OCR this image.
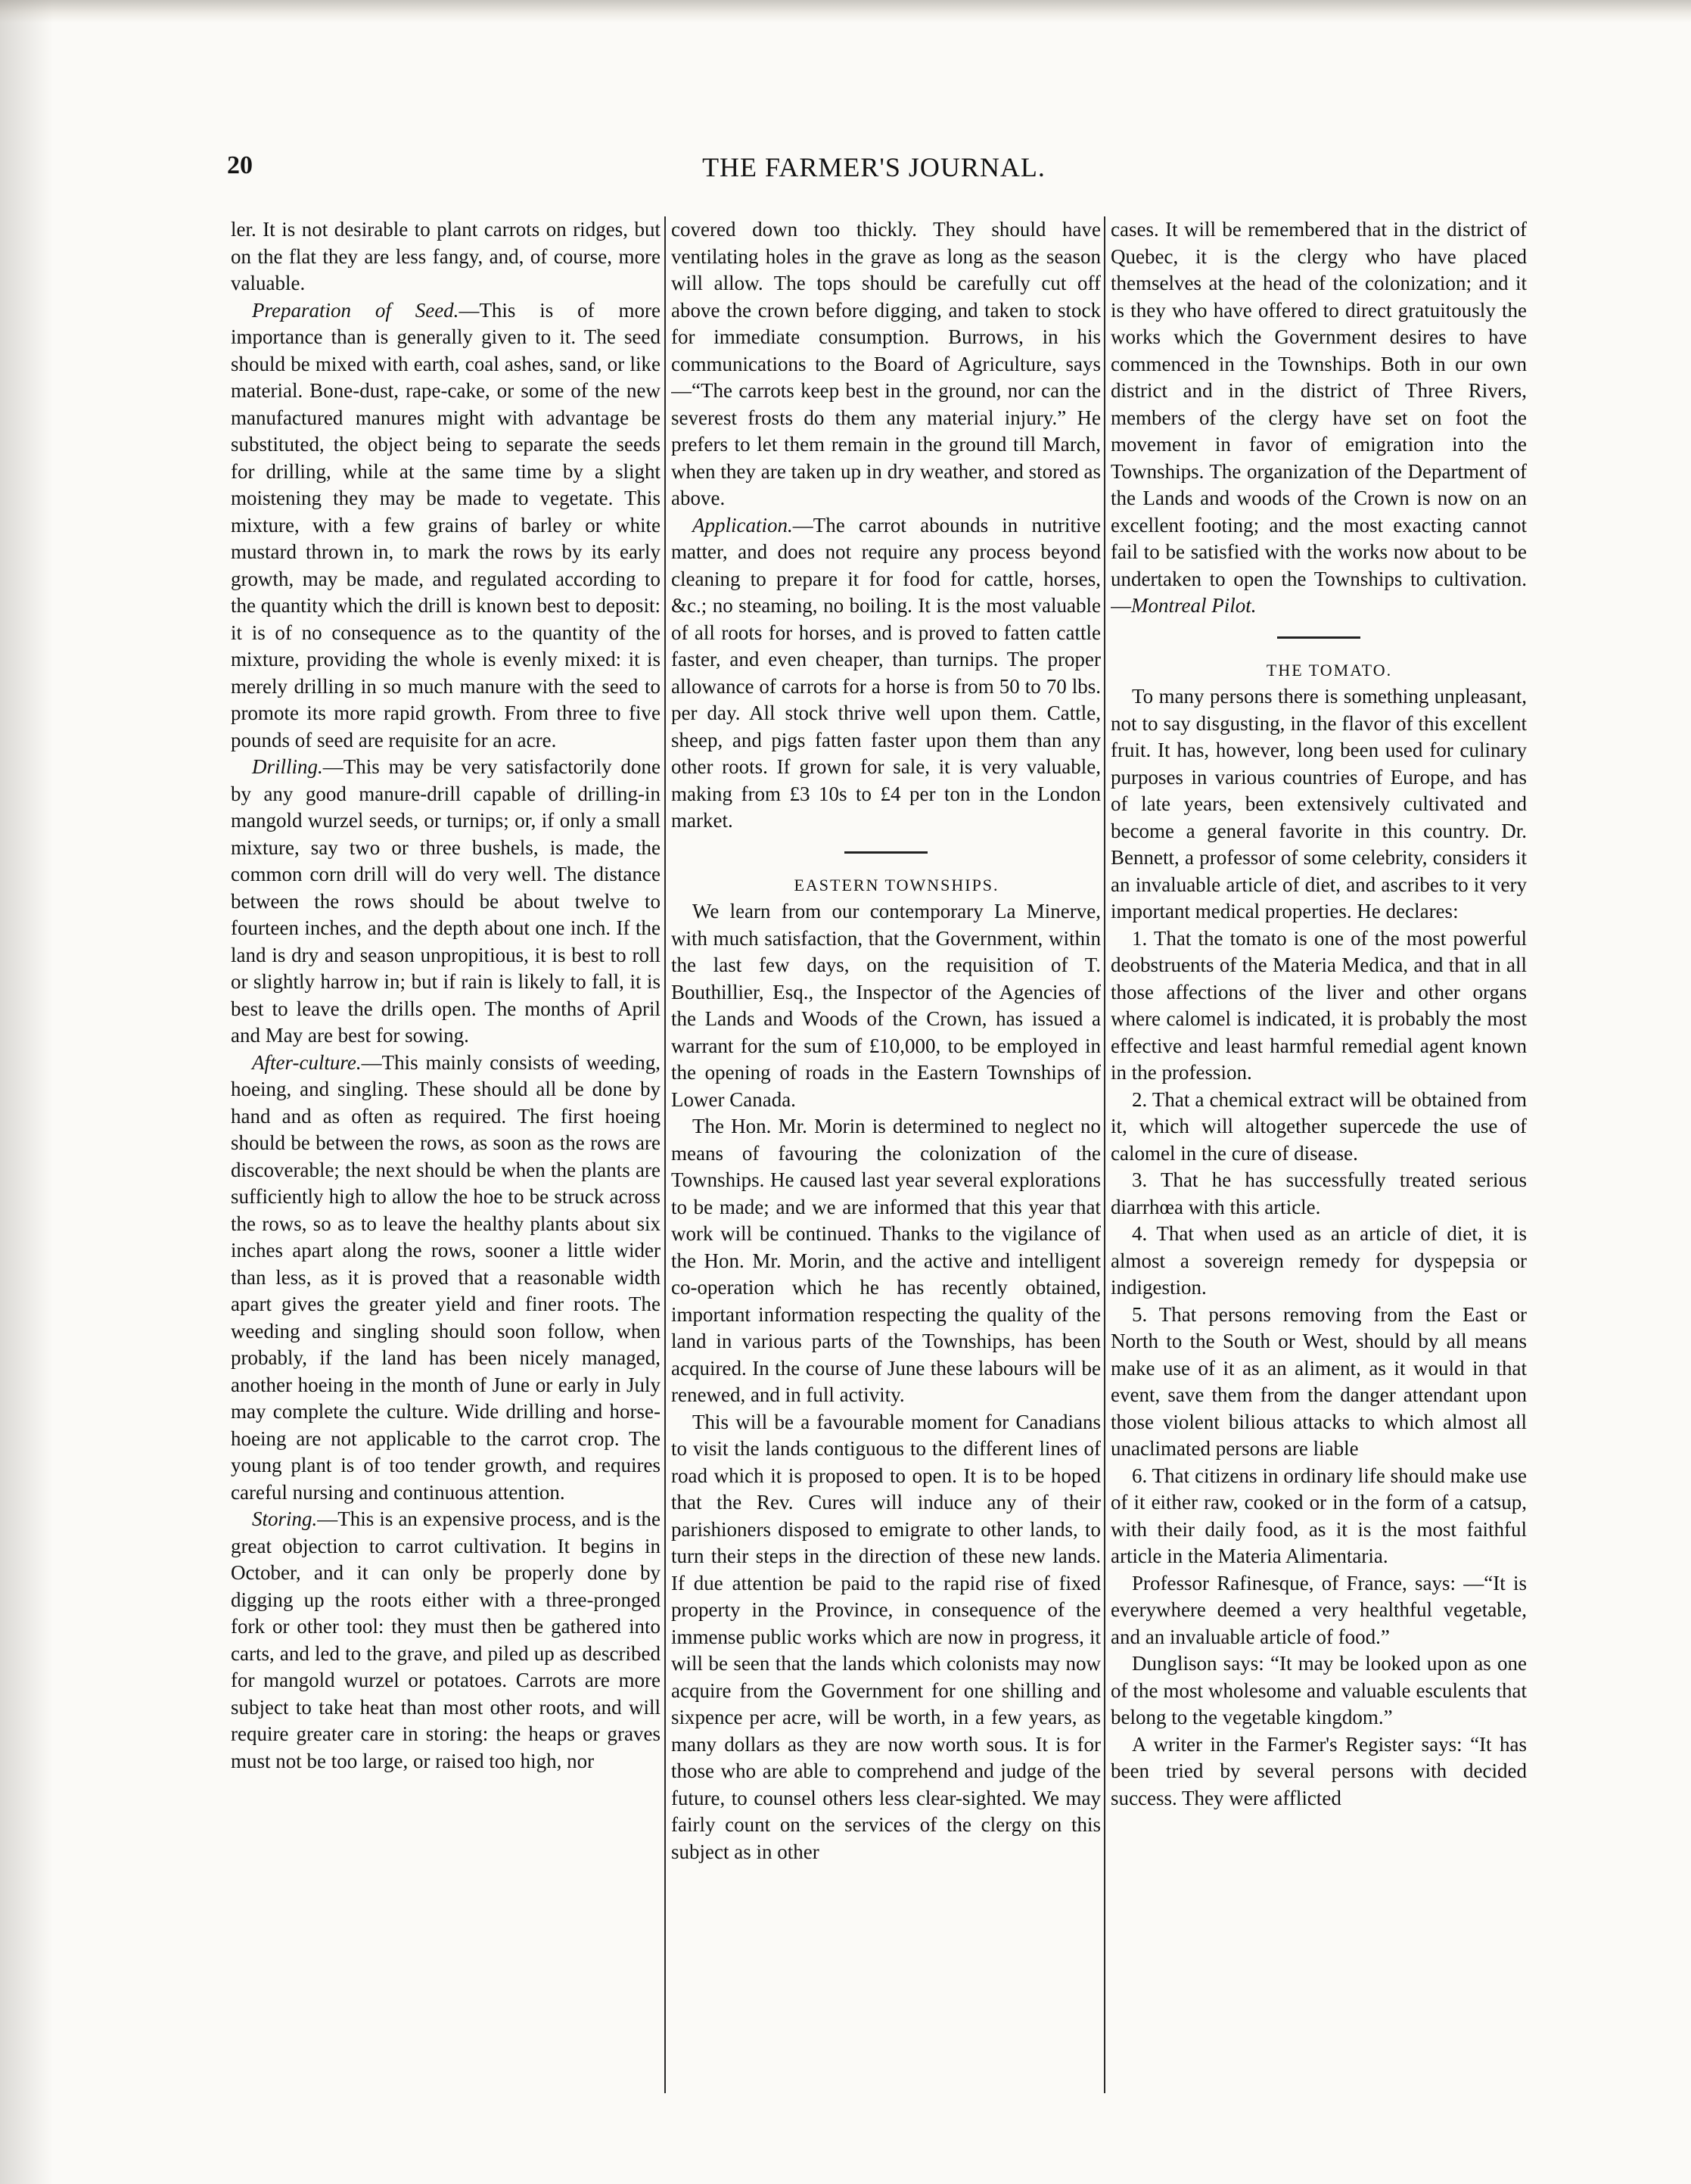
20	THE FARMER'S JOURNAL.

ler. It is not desirable to plant carrots on ridges, but on the flat they are less fangy, and, of course, more valuable.

Preparation of Seed.—This is of more importance than is generally given to it. The seed should be mixed with earth, coal ashes, sand, or like material. Bone-dust, rape-cake, or some of the new manufactured manures might with advantage be substituted, the object being to separate the seeds for drilling, while at the same time by a slight moistening they may be made to vegetate. This mixture, with a few grains of barley or white mustard thrown in, to mark the rows by its early growth, may be made, and regulated according to the quantity which the drill is known best to deposit: it is of no consequence as to the quantity of the mixture, providing the whole is evenly mixed: it is merely drilling in so much manure with the seed to promote its more rapid growth. From three to five pounds of seed are requisite for an acre.

Drilling.—This may be very satisfactorily done by any good manure-drill capable of drilling-in mangold wurzel seeds, or turnips; or, if only a small mixture, say two or three bushels, is made, the common corn drill will do very well. The distance between the rows should be about twelve to fourteen inches, and the depth about one inch. If the land is dry and season unpropitious, it is best to roll or slightly harrow in; but if rain is likely to fall, it is best to leave the drills open. The months of April and May are best for sowing.

After-culture.—This mainly consists of weeding, hoeing, and singling. These should all be done by hand and as often as required. The first hoeing should be between the rows, as soon as the rows are discoverable; the next should be when the plants are sufficiently high to allow the hoe to be struck across the rows, so as to leave the healthy plants about six inches apart along the rows, sooner a little wider than less, as it is proved that a reasonable width apart gives the greater yield and finer roots. The weeding and singling should soon follow, when probably, if the land has been nicely managed, another hoeing in the month of June or early in July may complete the culture. Wide drilling and horse-hoeing are not applicable to the carrot crop. The young plant is of too tender growth, and requires careful nursing and continuous attention.

Storing.—This is an expensive process, and is the great objection to carrot cultivation. It begins in October, and it can only be properly done by digging up the roots either with a three-pronged fork or other tool: they must then be gathered into carts, and led to the grave, and piled up as described for mangold wurzel or potatoes. Carrots are more subject to take heat than most other roots, and will require greater care in storing: the heaps or graves must not be too large, or raised too high, nor

covered down too thickly. They should have ventilating holes in the grave as long as the season will allow. The tops should be carefully cut off above the crown before digging, and taken to stock for immediate consumption. Burrows, in his communications to the Board of Agriculture, says—“The carrots keep best in the ground, nor can the severest frosts do them any material injury.” He prefers to let them remain in the ground till March, when they are taken up in dry weather, and stored as above.

Application.—The carrot abounds in nutritive matter, and does not require any process beyond cleaning to prepare it for food for cattle, horses, &c.; no steaming, no boiling. It is the most valuable of all roots for horses, and is proved to fatten cattle faster, and even cheaper, than turnips. The proper allowance of carrots for a horse is from 50 to 70 lbs. per day. All stock thrive well upon them. Cattle, sheep, and pigs fatten faster upon them than any other roots. If grown for sale, it is very valuable, making from £3 10s to £4 per ton in the London market.

EASTERN TOWNSHIPS.

We learn from our contemporary La Minerve, with much satisfaction, that the Government, within the last few days, on the requisition of T. Bouthillier, Esq., the Inspector of the Agencies of the Lands and Woods of the Crown, has issued a warrant for the sum of £10,000, to be employed in the opening of roads in the Eastern Townships of Lower Canada.

The Hon. Mr. Morin is determined to neglect no means of favouring the colonization of the Townships. He caused last year several explorations to be made; and we are informed that this year that work will be continued. Thanks to the vigilance of the Hon. Mr. Morin, and the active and intelligent co-operation which he has recently obtained, important information respecting the quality of the land in various parts of the Townships, has been acquired. In the course of June these labours will be renewed, and in full activity.

This will be a favourable moment for Canadians to visit the lands contiguous to the different lines of road which it is proposed to open. It is to be hoped that the Rev. Cures will induce any of their parishioners disposed to emigrate to other lands, to turn their steps in the direction of these new lands. If due attention be paid to the rapid rise of fixed property in the Province, in consequence of the immense public works which are now in progress, it will be seen that the lands which colonists may now acquire from the Government for one shilling and sixpence per acre, will be worth, in a few years, as many dollars as they are now worth sous. It is for those who are able to comprehend and judge of the future, to counsel others less clear-sighted. We may fairly count on the services of the clergy on this subject as in other

cases. It will be remembered that in the district of Quebec, it is the clergy who have placed themselves at the head of the colonization; and it is they who have offered to direct gratuitously the works which the Government desires to have commenced in the Townships. Both in our own district and in the district of Three Rivers, members of the clergy have set on foot the movement in favor of emigration into the Townships. The organization of the Department of the Lands and woods of the Crown is now on an excellent footing; and the most exacting cannot fail to be satisfied with the works now about to be undertaken to open the Townships to cultivation.—Montreal Pilot.

THE TOMATO.

To many persons there is something unpleasant, not to say disgusting, in the flavor of this excellent fruit. It has, however, long been used for culinary purposes in various countries of Europe, and has of late years, been extensively cultivated and become a general favorite in this country. Dr. Bennett, a professor of some celebrity, considers it an invaluable article of diet, and ascribes to it very important medical properties. He declares:

1. That the tomato is one of the most powerful deobstruents of the Materia Medica, and that in all those affections of the liver and other organs where calomel is indicated, it is probably the most effective and least harmful remedial agent known in the profession.

2. That a chemical extract will be obtained from it, which will altogether supercede the use of calomel in the cure of disease.

3. That he has successfully treated serious diarrhœa with this article.

4. That when used as an article of diet, it is almost a sovereign remedy for dyspepsia or indigestion.

5. That persons removing from the East or North to the South or West, should by all means make use of it as an aliment, as it would in that event, save them from the danger attendant upon those violent bilious attacks to which almost all unaclimated persons are liable

6. That citizens in ordinary life should make use of it either raw, cooked or in the form of a catsup, with their daily food, as it is the most faithful article in the Materia Alimentaria.

Professor Rafinesque, of France, says: —“It is everywhere deemed a very healthful vegetable, and an invaluable article of food.”

Dunglison says: “It may be looked upon as one of the most wholesome and valuable esculents that belong to the vegetable kingdom.”

A writer in the Farmer's Register says: “It has been tried by several persons with decided success. They were afflicted
